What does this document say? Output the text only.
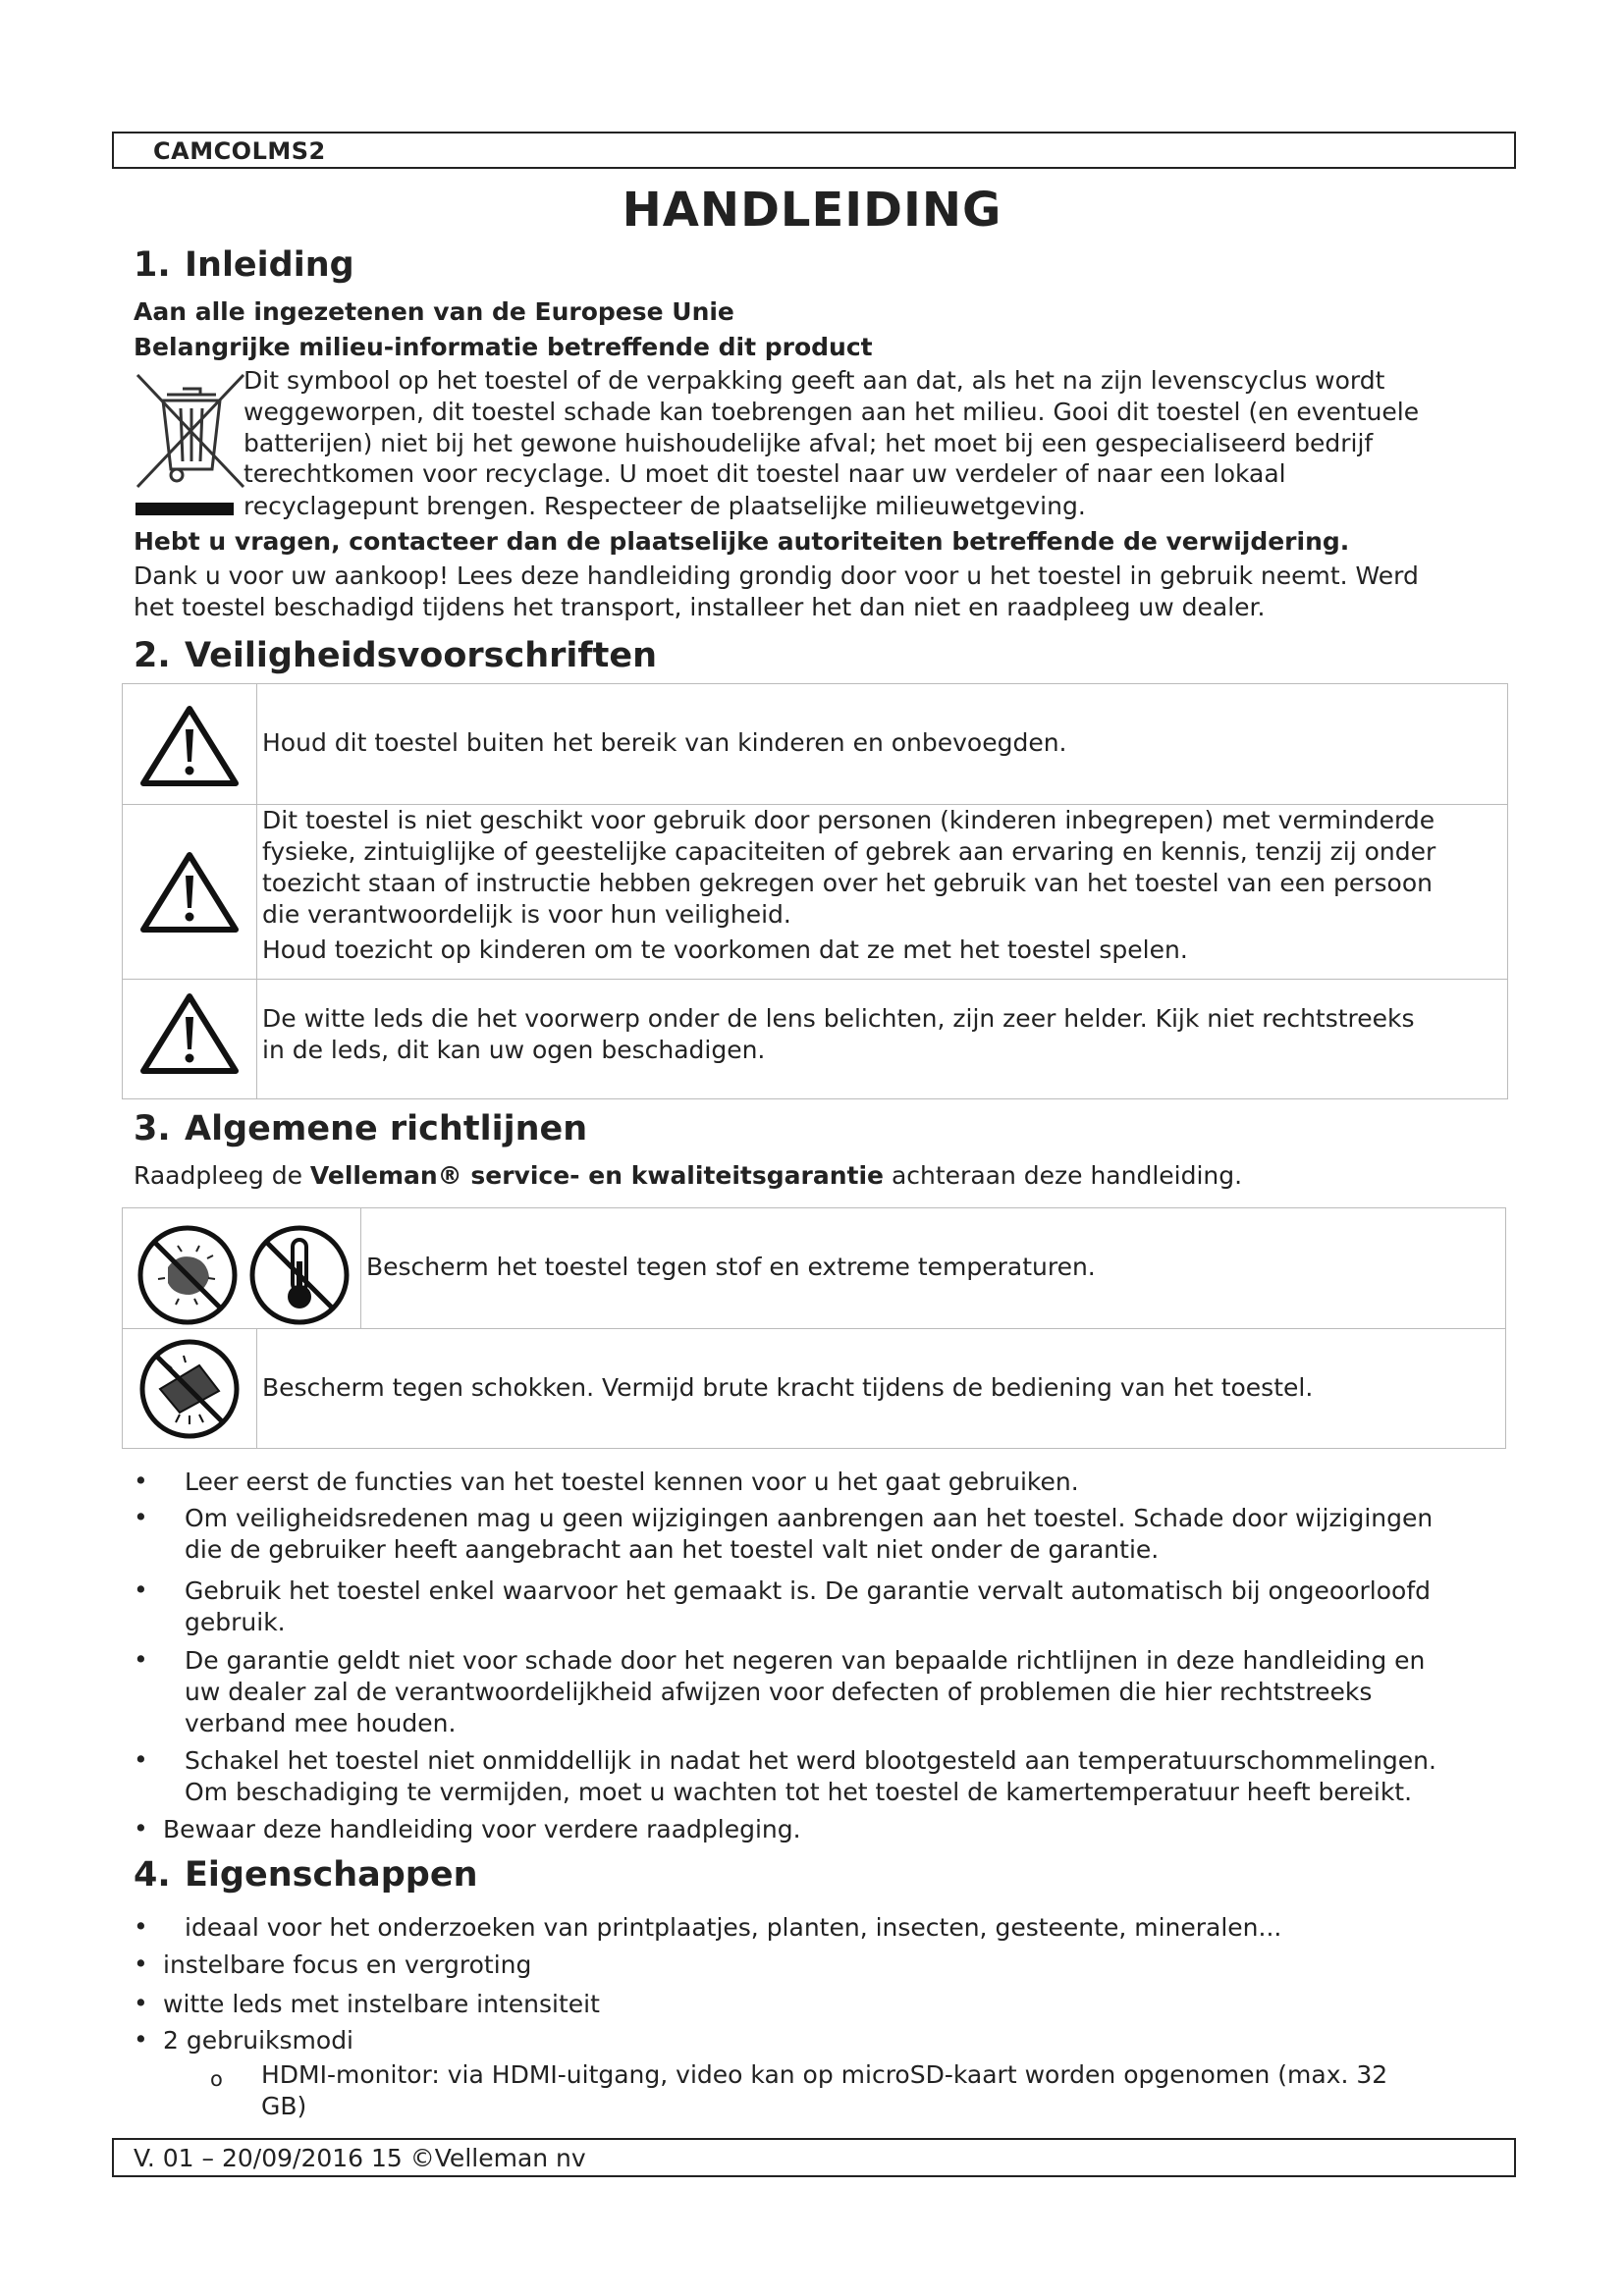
CAMCOLMS2
HANDLEIDING
1. Inleiding
Aan alle ingezetenen van de Europese Unie
Belangrijke milieu-informatie betreffende dit product
Dit symbool op het toestel of de verpakking geeft aan dat, als het na zijn levenscyclus wordt
weggeworpen, dit toestel schade kan toebrengen aan het milieu. Gooi dit toestel (en eventuele
batterijen) niet bij het gewone huishoudelijke afval; het moet bij een gespecialiseerd bedrijf
terechtkomen voor recyclage. U moet dit toestel naar uw verdeler of naar een lokaal
recyclagepunt brengen. Respecteer de plaatselijke milieuwetgeving.
Hebt u vragen, contacteer dan de plaatselijke autoriteiten betreffende de verwijdering.
Dank u voor uw aankoop! Lees deze handleiding grondig door voor u het toestel in gebruik neemt. Werd
het toestel beschadigd tijdens het transport, installeer het dan niet en raadpleeg uw dealer.
2. Veiligheidsvoorschriften
Houd dit toestel buiten het bereik van kinderen en onbevoegden.
Dit toestel is niet geschikt voor gebruik door personen (kinderen inbegrepen) met verminderde
fysieke, zintuiglijke of geestelijke capaciteiten of gebrek aan ervaring en kennis, tenzij zij onder
toezicht staan of instructie hebben gekregen over het gebruik van het toestel van een persoon
die verantwoordelijk is voor hun veiligheid.
Houd toezicht op kinderen om te voorkomen dat ze met het toestel spelen.
De witte leds die het voorwerp onder de lens belichten, zijn zeer helder. Kijk niet rechtstreeks
in de leds, dit kan uw ogen beschadigen.
3. Algemene richtlijnen
Raadpleeg de Velleman® service- en kwaliteitsgarantie achteraan deze handleiding.
Bescherm het toestel tegen stof en extreme temperaturen.
Bescherm tegen schokken. Vermijd brute kracht tijdens de bediening van het toestel.
• Leer eerst de functies van het toestel kennen voor u het gaat gebruiken.
• Om veiligheidsredenen mag u geen wijzigingen aanbrengen aan het toestel. Schade door wijzigingen
die de gebruiker heeft aangebracht aan het toestel valt niet onder de garantie.
• Gebruik het toestel enkel waarvoor het gemaakt is. De garantie vervalt automatisch bij ongeoorloofd
gebruik.
• De garantie geldt niet voor schade door het negeren van bepaalde richtlijnen in deze handleiding en
uw dealer zal de verantwoordelijkheid afwijzen voor defecten of problemen die hier rechtstreeks
verband mee houden.
• Schakel het toestel niet onmiddellijk in nadat het werd blootgesteld aan temperatuurschommelingen.
Om beschadiging te vermijden, moet u wachten tot het toestel de kamertemperatuur heeft bereikt.
• Bewaar deze handleiding voor verdere raadpleging.
4. Eigenschappen
• ideaal voor het onderzoeken van printplaatjes, planten, insecten, gesteente, mineralen...
• instelbare focus en vergroting
• witte leds met instelbare intensiteit
• 2 gebruiksmodi
o HDMI-monitor: via HDMI-uitgang, video kan op microSD-kaart worden opgenomen (max. 32
GB)
V. 01 – 20/09/2016 15 ©Velleman nv
